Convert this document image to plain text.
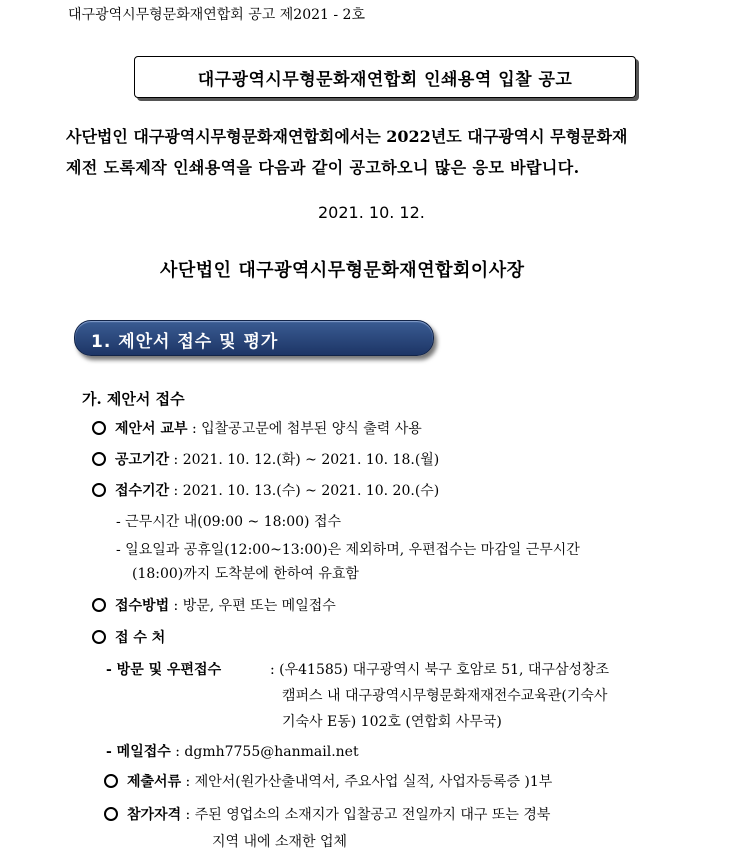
대구광역시무형문화재연합회 공고 제2021 - 2호
대구광역시무형문화재연합회 인쇄용역 입찰 공고
사단법인 대구광역시무형문화재연합회에서는 2022년도 대구광역시 무형문화재
제전 도록제작 인쇄용역을 다음과 같이 공고하오니 많은 응모 바랍니다.
2021. 10. 12.
사단법인 대구광역시무형문화재연합회이사장
1. 제안서 접수 및 평가
가. 제안서 접수
제안서 교부 : 입찰공고문에 첨부된 양식 출력 사용
공고기간 : 2021. 10. 12.(화) ~ 2021. 10. 18.(월)
접수기간 : 2021. 10. 13.(수) ~ 2021. 10. 20.(수)
- 근무시간 내(09:00 ~ 18:00) 접수
- 일요일과 공휴일(12:00~13:00)은 제외하며, 우편접수는 마감일 근무시간
(18:00)까지 도착분에 한하여 유효함
접수방법 : 방문, 우편 또는 메일접수
접 수 처
- 방문 및 우편접수	: (우41585) 대구광역시 북구 호암로 51, 대구삼성창조
캠퍼스 내 대구광역시무형문화재재전수교육관(기숙사
기숙사 E동) 102호 (연합회 사무국)
- 메일접수 : dgmh7755@hanmail.net
제출서류 : 제안서(원가산출내역서, 주요사업 실적, 사업자등록증 )1부
참가자격 : 주된 영업소의 소재지가 입찰공고 전일까지 대구 또는 경북
지역 내에 소재한 업체
